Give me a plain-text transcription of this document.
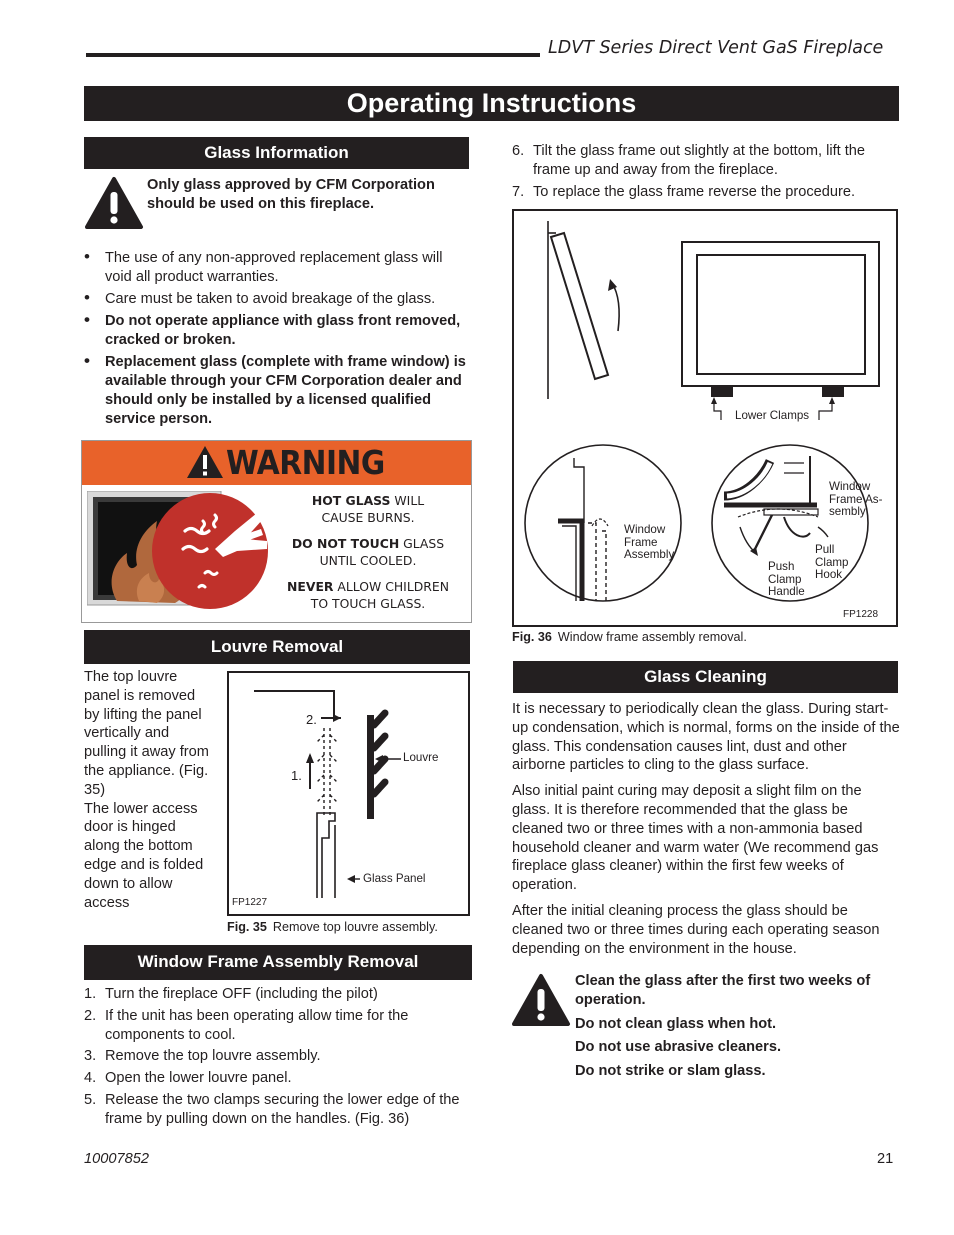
LDVT Series Direct Vent GaS Fireplace
Operating Instructions
Glass Information
Only glass approved by CFM Corporation should be used on this fireplace.
• The use of any non-approved replacement glass will void all product warranties.
• Care must be taken to avoid breakage of the glass.
• Do not operate appliance with glass front removed, cracked or broken.
• Replacement glass (complete with frame window) is available through your CFM Corporation dealer and should only be installed by a licensed qualified service person.
WARNING
HOT GLASS WILL
CAUSE BURNS.
DO NOT TOUCH GLASS
UNTIL COOLED.
NEVER ALLOW CHILDREN
TO TOUCH GLASS.
Louvre Removal
The top louvre panel is removed by lifting the panel vertically and pulling it away from the appliance. (Fig. 35)
The lower access door is hinged along the bottom edge and is folded down to allow access
2.
1.
Louvre
Glass Panel
FP1227
Fig. 35 Remove top louvre assembly.
Window Frame Assembly Removal
1. Turn the fireplace OFF (including the pilot)
2. If the unit has been operating allow time for the components to cool.
3. Remove the top louvre assembly.
4. Open the lower louvre panel.
5. Release the two clamps securing the lower edge of the frame by pulling down on the handles. (Fig. 36)
6. Tilt the glass frame out slightly at the bottom, lift the frame up and away from the fireplace.
7. To replace the glass frame reverse the procedure.
Lower Clamps
Window Frame Assembly
Window Frame As- sembly
Pull Clamp Hook
Push Clamp Handle
FP1228
Fig. 36 Window frame assembly removal.
Glass Cleaning
It is necessary to periodically clean the glass. During start-up condensation, which is normal, forms on the inside of the glass. This condensation causes lint, dust and other airborne particles to cling to the glass surface.
Also initial paint curing may deposit a slight film on the glass. It is therefore recommended that the glass be cleaned two or three times with a non-ammonia based household cleaner and warm water (We recommend gas fireplace glass cleaner) within the first few weeks of operation.
After the initial cleaning process the glass should be cleaned two or three times during each operating season depending on the environment in the house.
Clean the glass after the first two weeks of operation.
Do not clean glass when hot.
Do not use abrasive cleaners.
Do not strike or slam glass.
10007852	21
